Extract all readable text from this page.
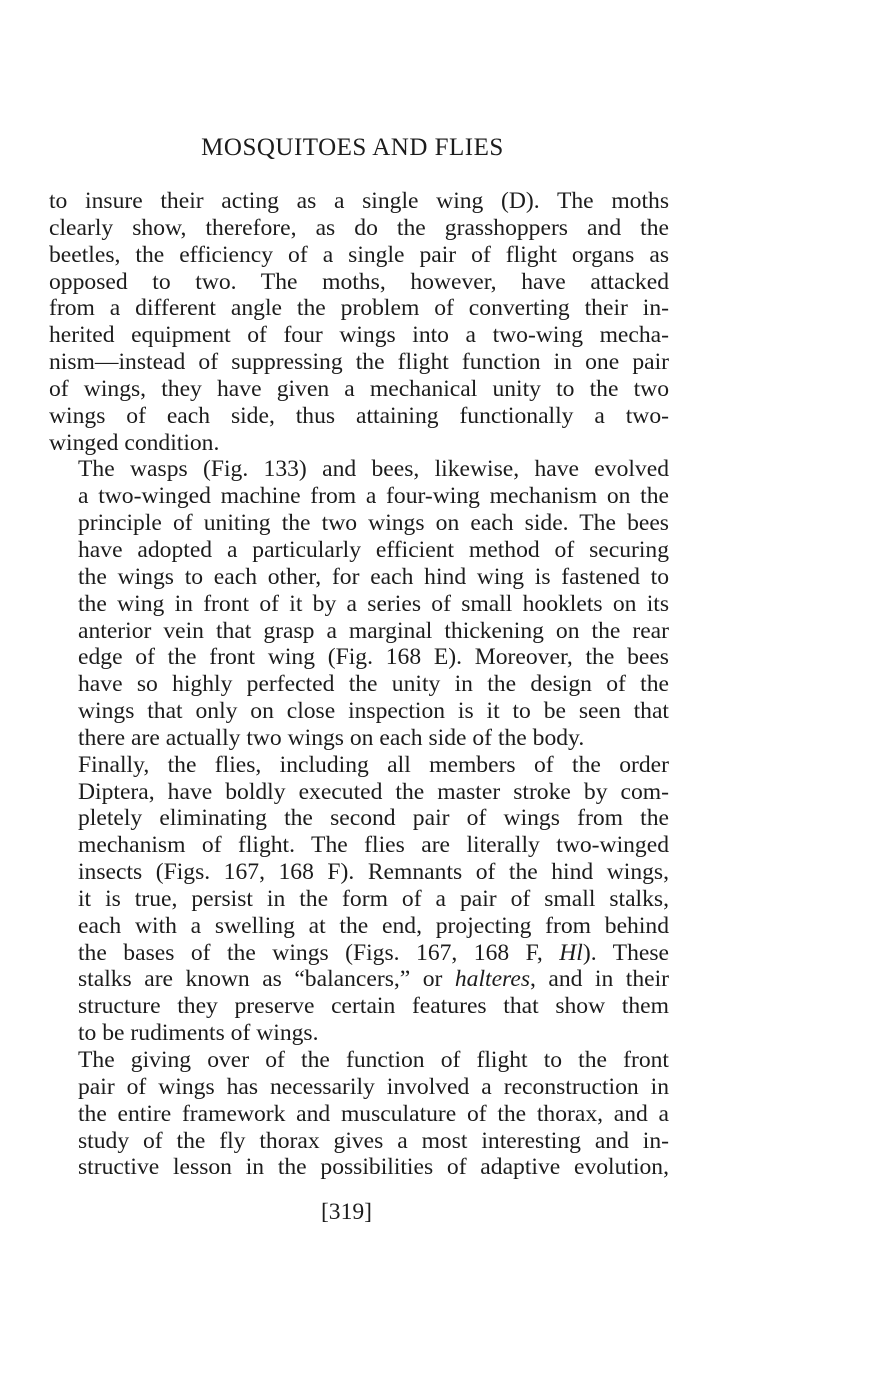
MOSQUITOES AND FLIES

to insure their acting as a single wing (D). The moths
clearly show, therefore, as do the grasshoppers and the
beetles, the efficiency of a single pair of flight organs as
opposed to two. The moths, however, have attacked
from a different angle the problem of converting their in-
herited equipment of four wings into a two-wing mecha-
nism—instead of suppressing the flight function in one pair
of wings, they have given a mechanical unity to the two
wings of each side, thus attaining functionally a two-
winged condition.

The wasps (Fig. 133) and bees, likewise, have evolved
a two-winged machine from a four-wing mechanism on the
principle of uniting the two wings on each side. The bees
have adopted a particularly efficient method of securing
the wings to each other, for each hind wing is fastened to
the wing in front of it by a series of small hooklets on its
anterior vein that grasp a marginal thickening on the rear
edge of the front wing (Fig. 168 E). Moreover, the bees
have so highly perfected the unity in the design of the
wings that only on close inspection is it to be seen that
there are actually two wings on each side of the body.

Finally, the flies, including all members of the order
Diptera, have boldly executed the master stroke by com-
pletely eliminating the second pair of wings from the
mechanism of flight. The flies are literally two-winged
insects (Figs. 167, 168 F). Remnants of the hind wings,
it is true, persist in the form of a pair of small stalks,
each with a swelling at the end, projecting from behind
the bases of the wings (Figs. 167, 168 F, Hl). These
stalks are known as “balancers,” or halteres, and in their
structure they preserve certain features that show them
to be rudiments of wings.

The giving over of the function of flight to the front
pair of wings has necessarily involved a reconstruction in
the entire framework and musculature of the thorax, and a
study of the fly thorax gives a most interesting and in-
structive lesson in the possibilities of adaptive evolution,

[319]
